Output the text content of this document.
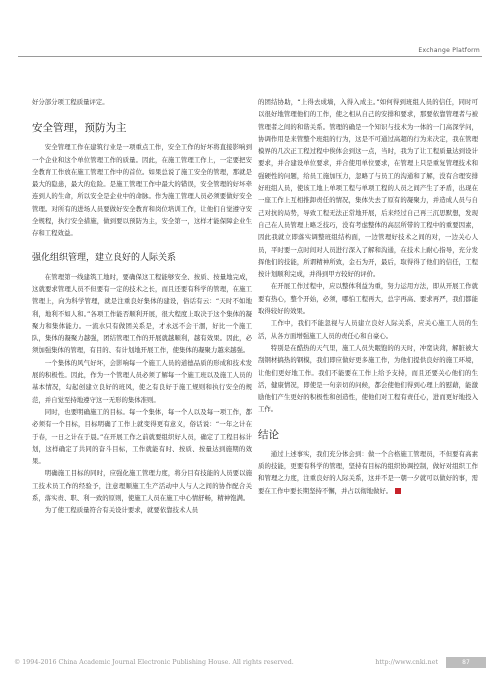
Exchange Platform

好分部分项工程质量评定。

安全管理，预防为主

安全管理工作在建筑行业是一项重点工作，安全工作的好坏将直接影响到一个企业和这个单位管理工作的质量。因此，在施工管理工作上，一定要把安全教育工作放在施工管理工作中的首位。如果总说了施工安全的管理，那就是最大的隐患，最大的危险。是施工管理工作中最大的错误，安全管理的好坏牵连到人的生命，所以安全是企业中的命脉。作为施工管理人员必须要做好安全管理。对所有的进场人员要做好安全教育和岗位培训工作，让他们自觉遵守安全规程，执行安全措施，做到要以预防为主，安全第一，这样才能保障企业生存和工程效益。

强化组织管理，建立良好的人际关系

在管理第一线建筑工地时，要确保这工程能够安全、按质、按量地完成，这就要求管理人员不但要有一定的技术之长，而且还要有科学的管理，在施工管理上，向为科学管理，就是注重良好集体的建设，俗话有云：“天时不如地利，地利不如人和。”各项工作能否顺利开展，很大程度上取决于这个集体的凝聚力和集体能力。一流水只有做团关系是，才永远不会干涸，好比一个施工队，集体的凝聚力越强，团结管理工作的开展就越顺利，越有效果。因此，必须加强集体的管理，有目的、有计划地开展工作，使集体的凝聚力越来越强。

一个集体的风气好坏，会影响每一个施工人员的道德品质的形成和技术发展的积极性。因此，作为一个管理人员必须了解每一个施工班以及施工人员的基本情况，勾起创建立良好的班风，使之有良好于施工规则和执行安全的规范，并自觉至持地遵守这一无形的集体准则。

同时，也要明确施工的目标。每一个集体，每一个人以及每一项工作，都必须有一个目标，目标明确了工作上就变得更有意义，俗话说：“一年之计在于春，一日之计在于晨。”在开展工作之前就要组织好人员，确定了工程目标计划，这样确定了共同的奋斗目标，工作就能有时、按质、按量达到施期的效果。

明确施工目标的同时，应强化施工管理力度，将分目有技能的人员要以施工技术员工作的经验予，注意理顺施工生产活动中人与人之间的协作配合关系，落实责、职、利一致的原则，使施工人员在施工中心情舒畅，精神饱满。

为了使工程质量符合有关设计要求，就要依靠技术人员

的团结协助，“上得去成墙，入得入成主。”如何得到班组人员的信任，同时可以很好地管理他们的工作，使之相从自己的安排和要求，那要依靠管理者与被管理者之间的和谐关系。管理的确是一个知识与技术为一体的一门高深学问，协调作用是来管整个班组的行为，这是不可通过高超的行为来决定，我在管理模界的几次正工程过程中俟体会到这一点，当时，我为了让工程质量达到设计要求，并合建设单位要求，并合使用单位要求，在管理上只是重复管理技术和强硬性的问题，给员工施加压力，忽略了与员工的沟通和了解，没有合理安排好班组人员，使该工地上单项工程与单项工程的人员之间产生了矛盾，出现在一座工作上互相推卸责任的情况，集体失去了原有的凝聚力，并造成人员与自己对抗的局势，导致工程无法正常地开展，后来经过自己再三沉思默想，发现自己在人员管理上略乏技巧，没有考虑整体的高层所带的工程中的重要因素，因此我就立即落实调整班组结构面，一边管理好技术之间的对，一边关心人员，平时要一点时间对人员进行深入了解和沟通，在技术上耐心指导，充分发挥他们的技能，所谓精神所致，金石为开，最后，取得得了他们的信任，工程按计划顺利完成，并得到甲方较好的评价。

在开展工作过程中，应以整体利益为重，努力运用方法，即从开展工作就要有热心，整个开始，必须，哪怕工程再大，总宇再高、要求再严，我们都能取得较好的效果。

工作中，我们不能忽视与人员建立良好人际关系，应关心施工人员的生活，从各方面增强施工人员的责任心和自豪心。

特别是在酷热的天气里，施工人员失眠饱的的天时，冲宽诀菏，解脏被大刮钢材搞热的钢模，我们即应做好更多施工作，为他们提供良好的施工环境，让他们更好地工作。我们不能要在工作上给予支持，而且还要关心他们的生活，健康情况，即使是一句亲切的问候，都会使他们得到心理上的慰藉，能激励他们产生更好的积极性和创造性，使他们对工程有责任心，进而更好地投入工作。

结论

通过上述事实，我们充分体会到：做一个合格施工管理员，不但要有高素质的技能，更要有科学的管理，坚持有目标的组织协调控制，做好对组织工作和管理之力度，注重良好的人际关系，这并不是一朝一夕就可以做好的事，需要在工作中要长期坚持不懈，并占以彻地做好。

© 1994-2016 China Academic Journal Electronic Publishing House. All rights reserved.	http://www.cnki.net	87
